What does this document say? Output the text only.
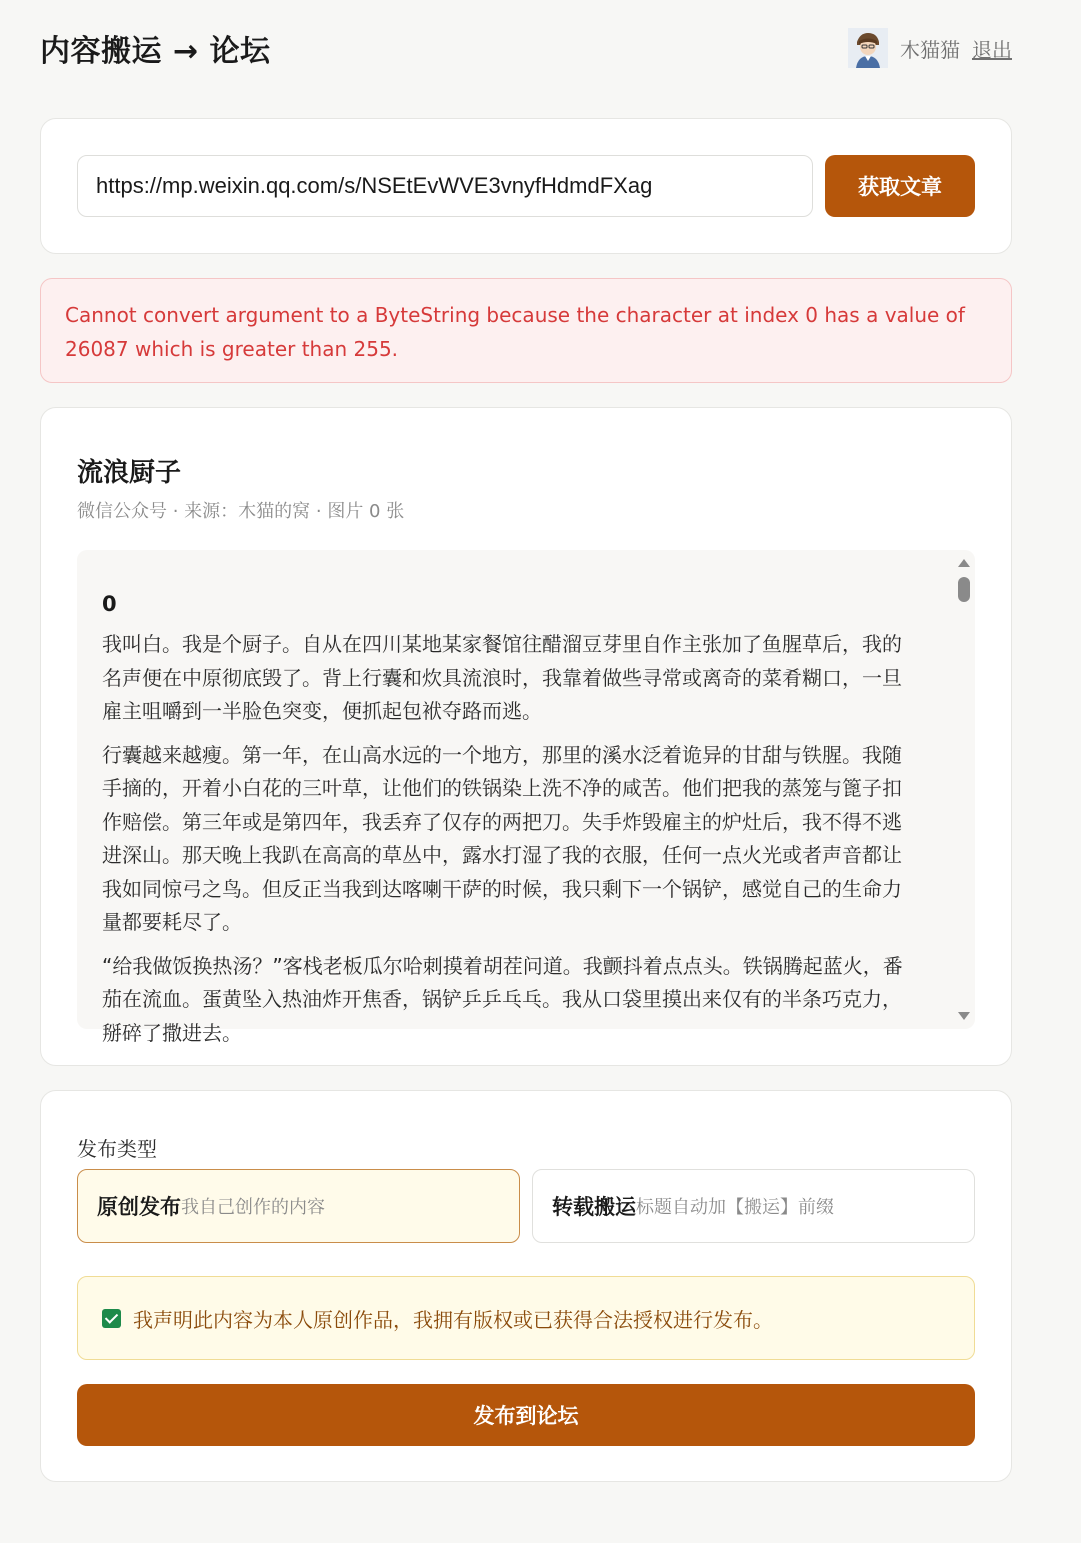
内容搬运 → 论坛	木猫猫 退出
https://mp.weixin.qq.com/s/NSEtEvWVE3vnyfHdmdFXag
获取文章
Cannot convert argument to a ByteString because the character at index 0 has a value of 26087 which is greater than 255.
流浪厨子
微信公众号 · 来源：木猫的窝 · 图片 0 张
0

我叫白。我是个厨子。自从在四川某地某家餐馆往醋溜豆芽里自作主张加了鱼腥草后，我的名声便在中原彻底毁了。背上行囊和炊具流浪时，我靠着做些寻常或离奇的菜肴糊口，一旦雇主咀嚼到一半脸色突变，便抓起包袱夺路而逃。

行囊越来越瘦。第一年，在山高水远的一个地方，那里的溪水泛着诡异的甘甜与铁腥。我随手摘的，开着小白花的三叶草，让他们的铁锅染上洗不净的咸苦。他们把我的蒸笼与篦子扣作赔偿。第三年或是第四年，我丢弃了仅存的两把刀。失手炸毁雇主的炉灶后，我不得不逃进深山。那天晚上我趴在高高的草丛中，露水打湿了我的衣服，任何一点火光或者声音都让我如同惊弓之鸟。但反正当我到达喀喇干萨的时候，我只剩下一个锅铲，感觉自己的生命力量都要耗尽了。

“给我做饭换热汤？”客栈老板瓜尔哈刺摸着胡茬问道。我颤抖着点点头。铁锅腾起蓝火，番茄在流血。蛋黄坠入热油炸开焦香，锅铲乒乒乓乓。我从口袋里摸出来仅有的半条巧克力，掰碎了撒进去。

发布类型
原创发布 我自己创作的内容	转载搬运 标题自动加【搬运】前缀
我声明此内容为本人原创作品，我拥有版权或已获得合法授权进行发布。
发布到论坛
